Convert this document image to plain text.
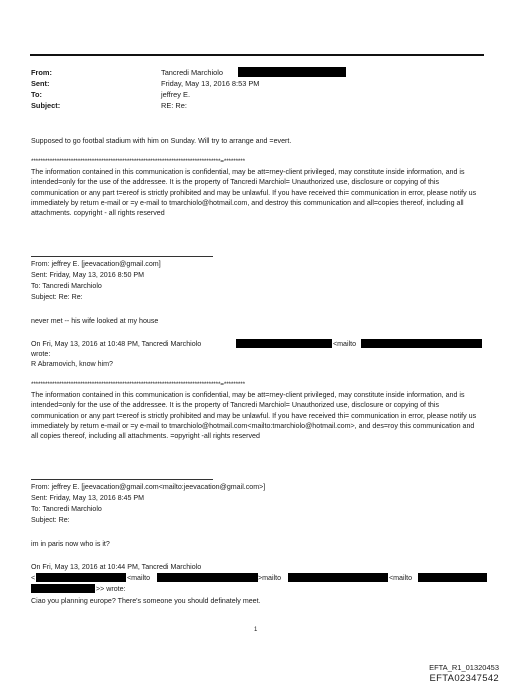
From:	Tancredi Marchiolo
Sent:	Friday, May 13, 2016 8:53 PM
To:	jeffrey E.
Subject:	RE: Re:
Supposed to go footbal stadium with him on Sunday. Will try to arrange and =evert.
*********************************************************************************=*********
The information contained in this communication is confidential, may be att=rney-client privileged, may constitute inside information, and is intended=only for the use of the addressee. It is the property of Tancredi Marchiol= Unauthorized use, disclosure or copying of this communication or any part t=ereof is strictly prohibited and may be unlawful. If you have received thi= communication in error, please notify us immediately by return e-mail or =y e-mail to tmarchiolo@hotmail.com, and destroy this communication and all=copies thereof, including all attachments. copyright - all rights reserved
From: jeffrey E. [jeevacation@gmail.com]
Sent: Friday, May 13, 2016 8:50 PM
To: Tancredi Marchiolo
Subject: Re: Re:
never met -- his wife looked at my house
On Fri, May 13, 2016 at 10:48 PM, Tancredi Marchiolo	<mailto
wrote:
R Abramovich, know him?
*********************************************************************************=*********
The information contained in this communication is confidential, may be att=rney-client privileged, may constitute inside information, and is intended=only for the use of the addressee. It is the property of Tancredi Marchiol= Unauthorized use, disclosure or copying of this communication or any part t=ereof is strictly prohibited and may be unlawful. If you have received thi= communication in error, please notify us immediately by return e-mail or =y e-mail to tmarchiolo@hotmail.com<mailto:tmarchiolo@hotmail.com>, and des=roy this communication and all copies thereof, including all attachments. =opyright -all rights reserved
From: jeffrey E. [jeevacation@gmail.com<mailto:jeevacation@gmail.com>]
Sent: Friday, May 13, 2016 8:45 PM
To: Tancredi Marchiolo
Subject: Re:
im in paris now who is it?
On Fri, May 13, 2016 at 10:44 PM, Tancredi Marchiolo
<	<mailto	>mailto	<mailto
>> wrote:
Ciao you planning europe? There's someone you should definately meet.
1
EFTA_R1_01320453
EFTA02347542
